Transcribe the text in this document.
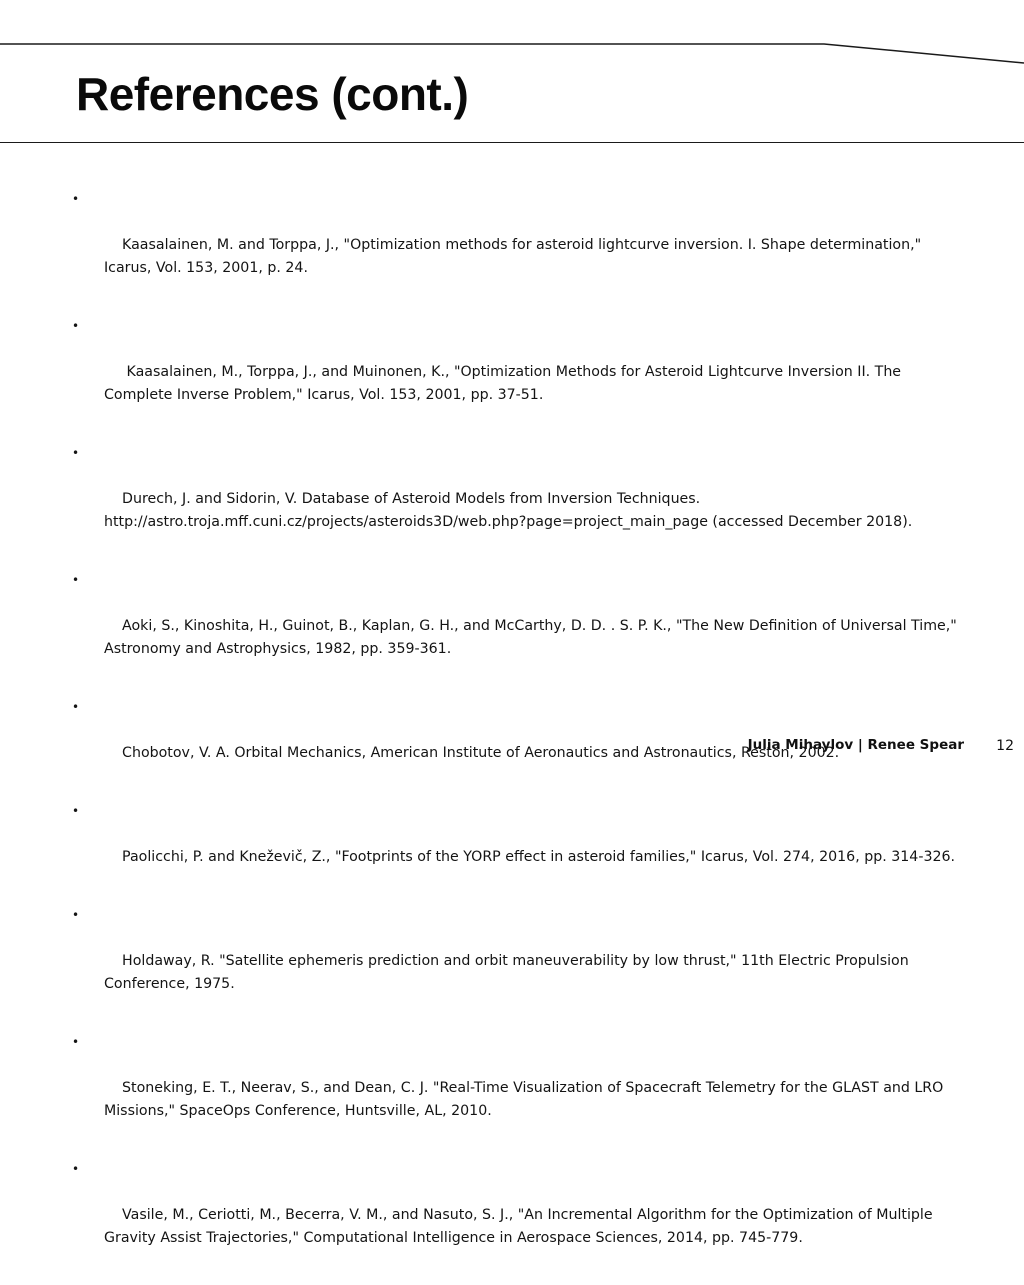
References (cont.)

•

Kaasalainen, M. and Torppa, J., "Optimization methods for asteroid lightcurve inversion. I. Shape determination," Icarus, Vol. 153, 2001, p. 24.

•

Kaasalainen, M., Torppa, J., and Muinonen, K., "Optimization Methods for Asteroid Lightcurve Inversion II. The Complete Inverse Problem," Icarus, Vol. 153, 2001, pp. 37-51.

•

Durech, J. and Sidorin, V. Database of Asteroid Models from Inversion Techniques. http://astro.troja.mff.cuni.cz/projects/asteroids3D/web.php?page=project_main_page (accessed December 2018).

•

Aoki, S., Kinoshita, H., Guinot, B., Kaplan, G. H., and McCarthy, D. D. . S. P. K., "The New Definition of Universal Time," Astronomy and Astrophysics, 1982, pp. 359-361.

•

Chobotov, V. A. Orbital Mechanics, American Institute of Aeronautics and Astronautics, Reston, 2002.

•

Paolicchi, P. and Kneževič, Z., "Footprints of the YORP effect in asteroid families," Icarus, Vol. 274, 2016, pp. 314-326.

•

Holdaway, R. "Satellite ephemeris prediction and orbit maneuverability by low thrust," 11th Electric Propulsion Conference, 1975.

•

Stoneking, E. T., Neerav, S., and Dean, C. J. "Real-Time Visualization of Spacecraft Telemetry for the GLAST and LRO Missions," SpaceOps Conference, Huntsville, AL, 2010.

•

Vasile, M., Ceriotti, M., Becerra, V. M., and Nasuto, S. J., "An Incremental Algorithm for the Optimization of Multiple Gravity Assist Trajectories," Computational Intelligence in Aerospace Sciences, 2014, pp. 745-779.

Julia Mihaylov | Renee Spear 12
